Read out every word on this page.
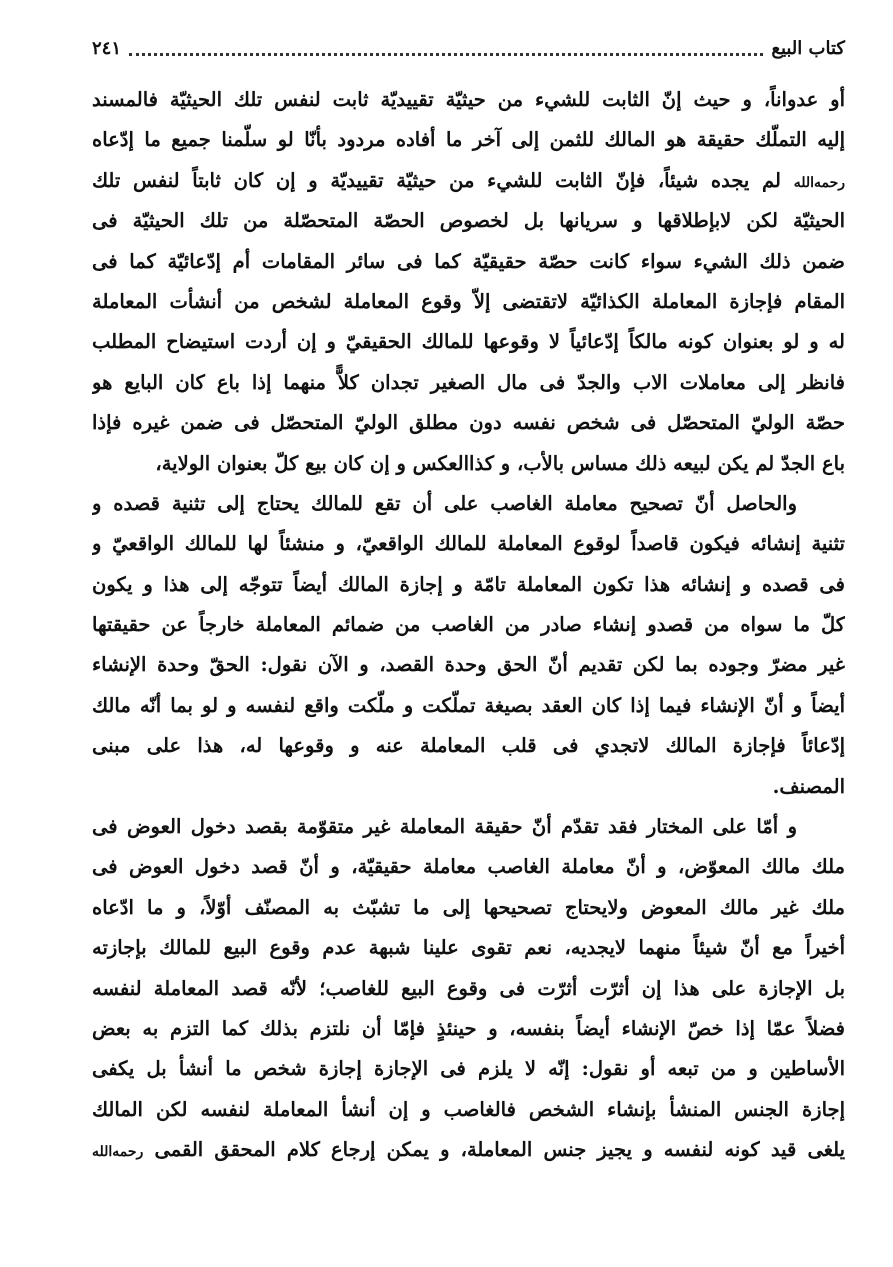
كتاب البيع
٢٤١
أو عدواناً، و حيث إنّ الثابت للشيء من حيثيّة تقييديّة ثابت لنفس تلك الحيثيّة فالمسند
إليه التملّك حقيقة هو المالك للثمن إلى آخر ما أفاده مردود بأنّا لو سلّمنا جميع ما إدّعاه
رحمه‌الله لم يجده شيئاً، فإنّ الثابت للشيء من حيثيّة تقييديّة و إن كان ثابتاً لنفس تلك
الحيثيّة لكن لابإطلاقها و سريانها بل لخصوص الحصّة المتحصّلة من تلك الحيثيّة فى
ضمن ذلك الشيء سواء كانت حصّة حقيقيّة كما فى سائر المقامات أم إدّعائيّة كما فى
المقام فإجازة المعاملة الكذائيّة لاتقتضى إلاّ وقوع المعاملة لشخص من أنشأت المعاملة
له و لو بعنوان كونه مالكاً إدّعائياً لا وقوعها للمالك الحقيقيّ و إن أردت استيضاح المطلب
فانظر إلى معاملات الاب والجدّ فى مال الصغير تجدان كلاًّ منهما إذا باع كان البايع هو
حصّة الوليّ المتحصّل فى شخص نفسه دون مطلق الوليّ المتحصّل فى ضمن غيره فإذا
باع الجدّ لم يكن لبيعه ذلك مساس بالأب، و كذاالعكس و إن كان بيع كلّ بعنوان الولاية،
والحاصل أنّ تصحيح معاملة الغاصب على أن تقع للمالك يحتاج إلى تثنية قصده و
تثنية إنشائه فيكون قاصداً لوقوع المعاملة للمالك الواقعيّ، و منشئاً لها للمالك الواقعيّ و
فى قصده و إنشائه هذا تكون المعاملة تامّة و إجازة المالك أيضاً تتوجّه إلى هذا و يكون
كلّ ما سواه من قصدو إنشاء صادر من الغاصب من ضمائم المعاملة خارجاً عن حقيقتها
غير مضرّ وجوده بما لكن تقديم أنّ الحق وحدة القصد، و الآن نقول: الحقّ وحدة الإنشاء
أيضاً و أنّ الإنشاء فيما إذا كان العقد بصيغة تملّكت و ملّكت واقع لنفسه و لو بما أنّه مالك
إدّعائاً فإجازة المالك لاتجدي فى قلب المعاملة عنه و وقوعها له، هذا على مبنى
المصنف.
و أمّا على المختار فقد تقدّم أنّ حقيقة المعاملة غير متقوّمة بقصد دخول العوض فى
ملك مالك المعوّض، و أنّ معاملة الغاصب معاملة حقيقيّة، و أنّ قصد دخول العوض فى
ملك غير مالك المعوض ولايحتاج تصحيحها إلى ما تشبّث به المصنّف أوّلاً، و ما ادّعاه
أخيراً مع أنّ شيئاً منهما لايجديه، نعم تقوى علينا شبهة عدم وقوع البيع للمالك بإجازته
بل الإجازة على هذا إن أثرّت أثرّت فى وقوع البيع للغاصب؛ لأنّه قصد المعاملة لنفسه
فضلاً عمّا إذا خصّ الإنشاء أيضاً بنفسه، و حينئذٍ فإمّا أن نلتزم بذلك كما التزم به بعض
الأساطين و من تبعه أو نقول: إنّه لا يلزم فى الإجازة إجازة شخص ما أنشأ بل يكفى
إجازة الجنس المنشأ بإنشاء الشخص فالغاصب و إن أنشأ المعاملة لنفسه لكن المالك
يلغى قيد كونه لنفسه و يجيز جنس المعاملة، و يمكن إرجاع كلام المحقق القمى رحمه‌الله
